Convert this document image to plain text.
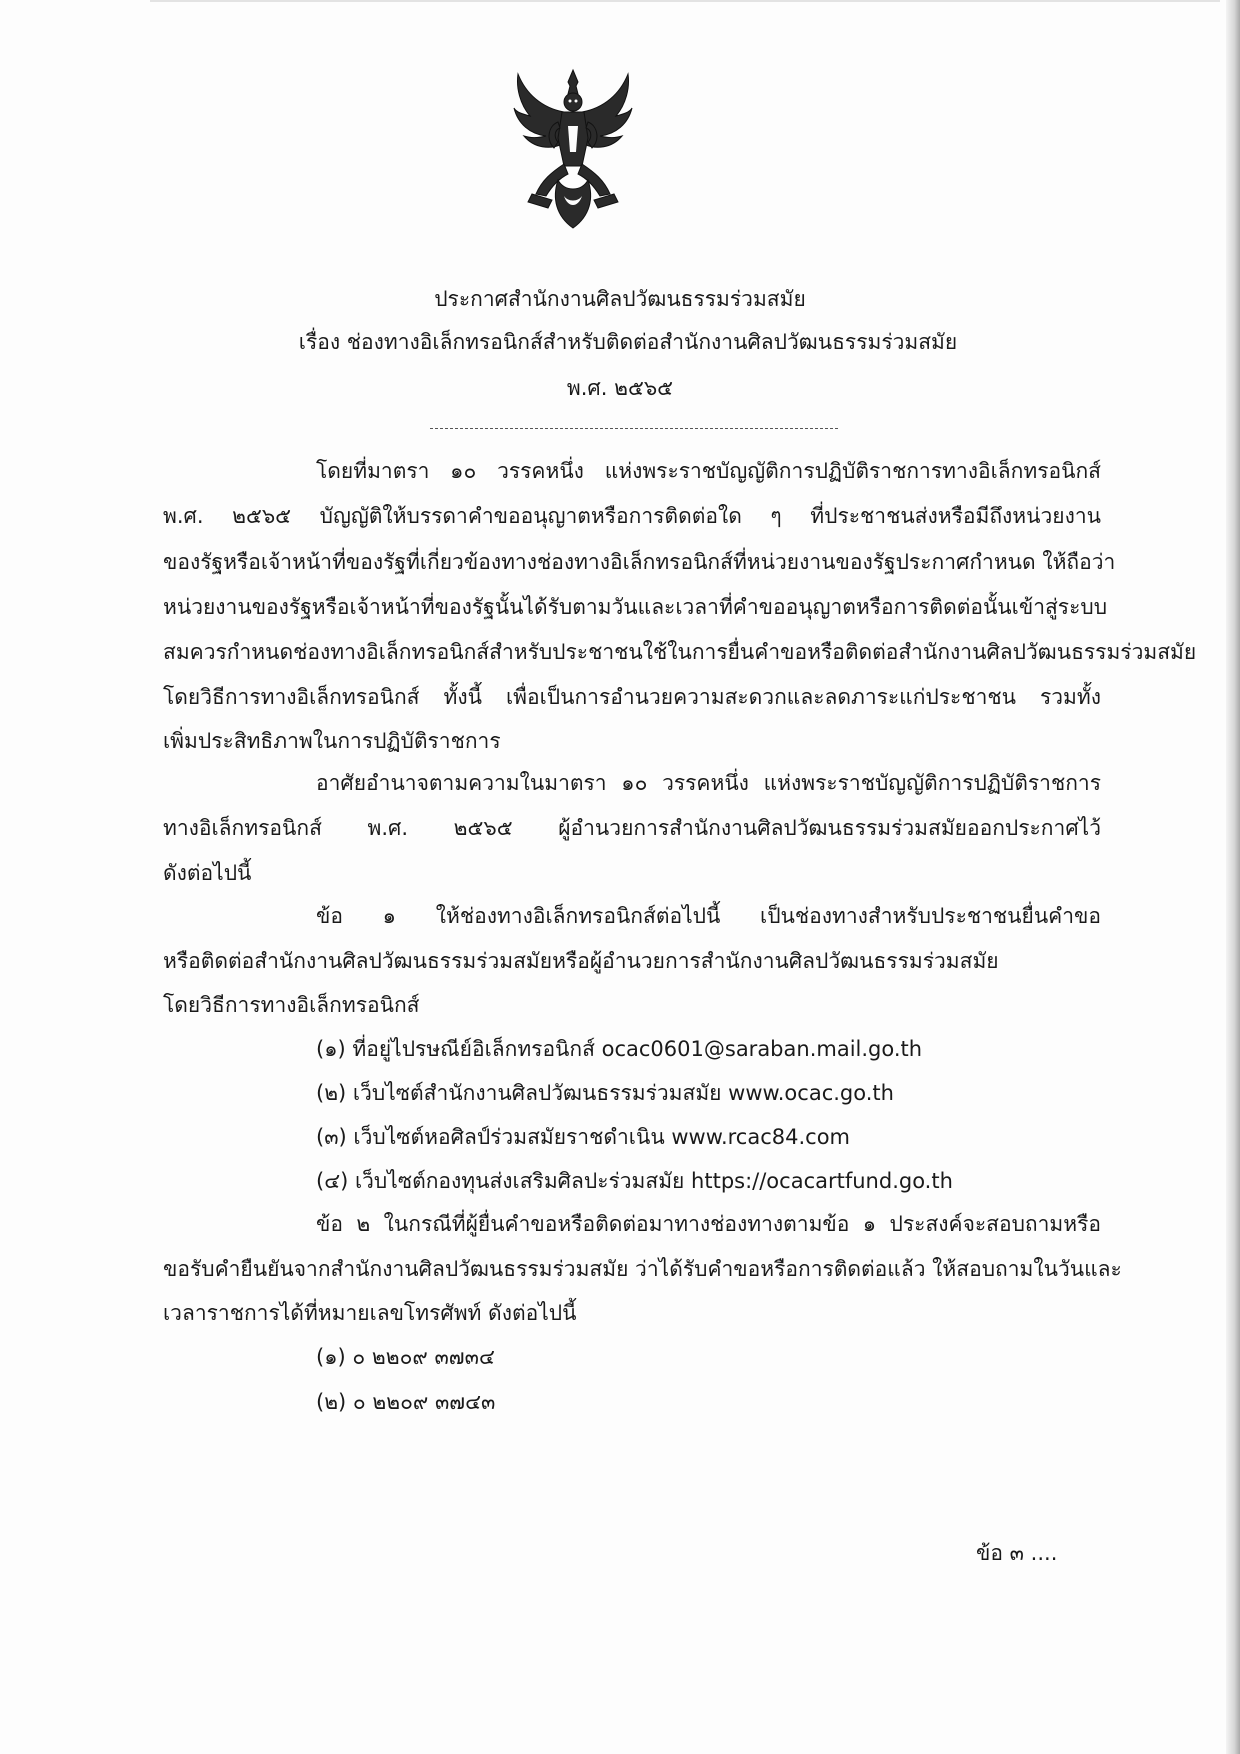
ประกาศสำนักงานศิลปวัฒนธรรมร่วมสมัย
เรื่อง ช่องทางอิเล็กทรอนิกส์สำหรับติดต่อสำนักงานศิลปวัฒนธรรมร่วมสมัย
พ.ศ. ๒๕๖๕
โดยที่มาตรา ๑๐ วรรคหนึ่ง แห่งพระราชบัญญัติการปฏิบัติราชการทางอิเล็กทรอนิกส์
พ.ศ. ๒๕๖๕ บัญญัติให้บรรดาคำขออนุญาตหรือการติดต่อใด ๆ ที่ประชาชนส่งหรือมีถึงหน่วยงาน
ของรัฐหรือเจ้าหน้าที่ของรัฐที่เกี่ยวข้องทางช่องทางอิเล็กทรอนิกส์ที่หน่วยงานของรัฐประกาศกำหนด ให้ถือว่า
หน่วยงานของรัฐหรือเจ้าหน้าที่ของรัฐนั้นได้รับตามวันและเวลาที่คำขออนุญาตหรือการติดต่อนั้นเข้าสู่ระบบ
สมควรกำหนดช่องทางอิเล็กทรอนิกส์สำหรับประชาชนใช้ในการยื่นคำขอหรือติดต่อสำนักงานศิลปวัฒนธรรมร่วมสมัย
โดยวิธีการทางอิเล็กทรอนิกส์ ทั้งนี้ เพื่อเป็นการอำนวยความสะดวกและลดภาระแก่ประชาชน รวมทั้ง
เพิ่มประสิทธิภาพในการปฏิบัติราชการ
อาศัยอำนาจตามความในมาตรา ๑๐ วรรคหนึ่ง แห่งพระราชบัญญัติการปฏิบัติราชการ
ทางอิเล็กทรอนิกส์ พ.ศ. ๒๕๖๕ ผู้อำนวยการสำนักงานศิลปวัฒนธรรมร่วมสมัยออกประกาศไว้
ดังต่อไปนี้
ข้อ ๑ ให้ช่องทางอิเล็กทรอนิกส์ต่อไปนี้ เป็นช่องทางสำหรับประชาชนยื่นคำขอ
หรือติดต่อสำนักงานศิลปวัฒนธรรมร่วมสมัยหรือผู้อำนวยการสำนักงานศิลปวัฒนธรรมร่วมสมัย
โดยวิธีการทางอิเล็กทรอนิกส์
(๑) ที่อยู่ไปรษณีย์อิเล็กทรอนิกส์ ocac0601@saraban.mail.go.th
(๒) เว็บไซต์สำนักงานศิลปวัฒนธรรมร่วมสมัย www.ocac.go.th
(๓) เว็บไซต์หอศิลป์ร่วมสมัยราชดำเนิน www.rcac84.com
(๔) เว็บไซต์กองทุนส่งเสริมศิลปะร่วมสมัย https://ocacartfund.go.th
ข้อ ๒ ในกรณีที่ผู้ยื่นคำขอหรือติดต่อมาทางช่องทางตามข้อ ๑ ประสงค์จะสอบถามหรือ
ขอรับคำยืนยันจากสำนักงานศิลปวัฒนธรรมร่วมสมัย ว่าได้รับคำขอหรือการติดต่อแล้ว ให้สอบถามในวันและ
เวลาราชการได้ที่หมายเลขโทรศัพท์ ดังต่อไปนี้
(๑) ๐ ๒๒๐๙ ๓๗๓๔
(๒) ๐ ๒๒๐๙ ๓๗๔๓
ข้อ ๓ ....
